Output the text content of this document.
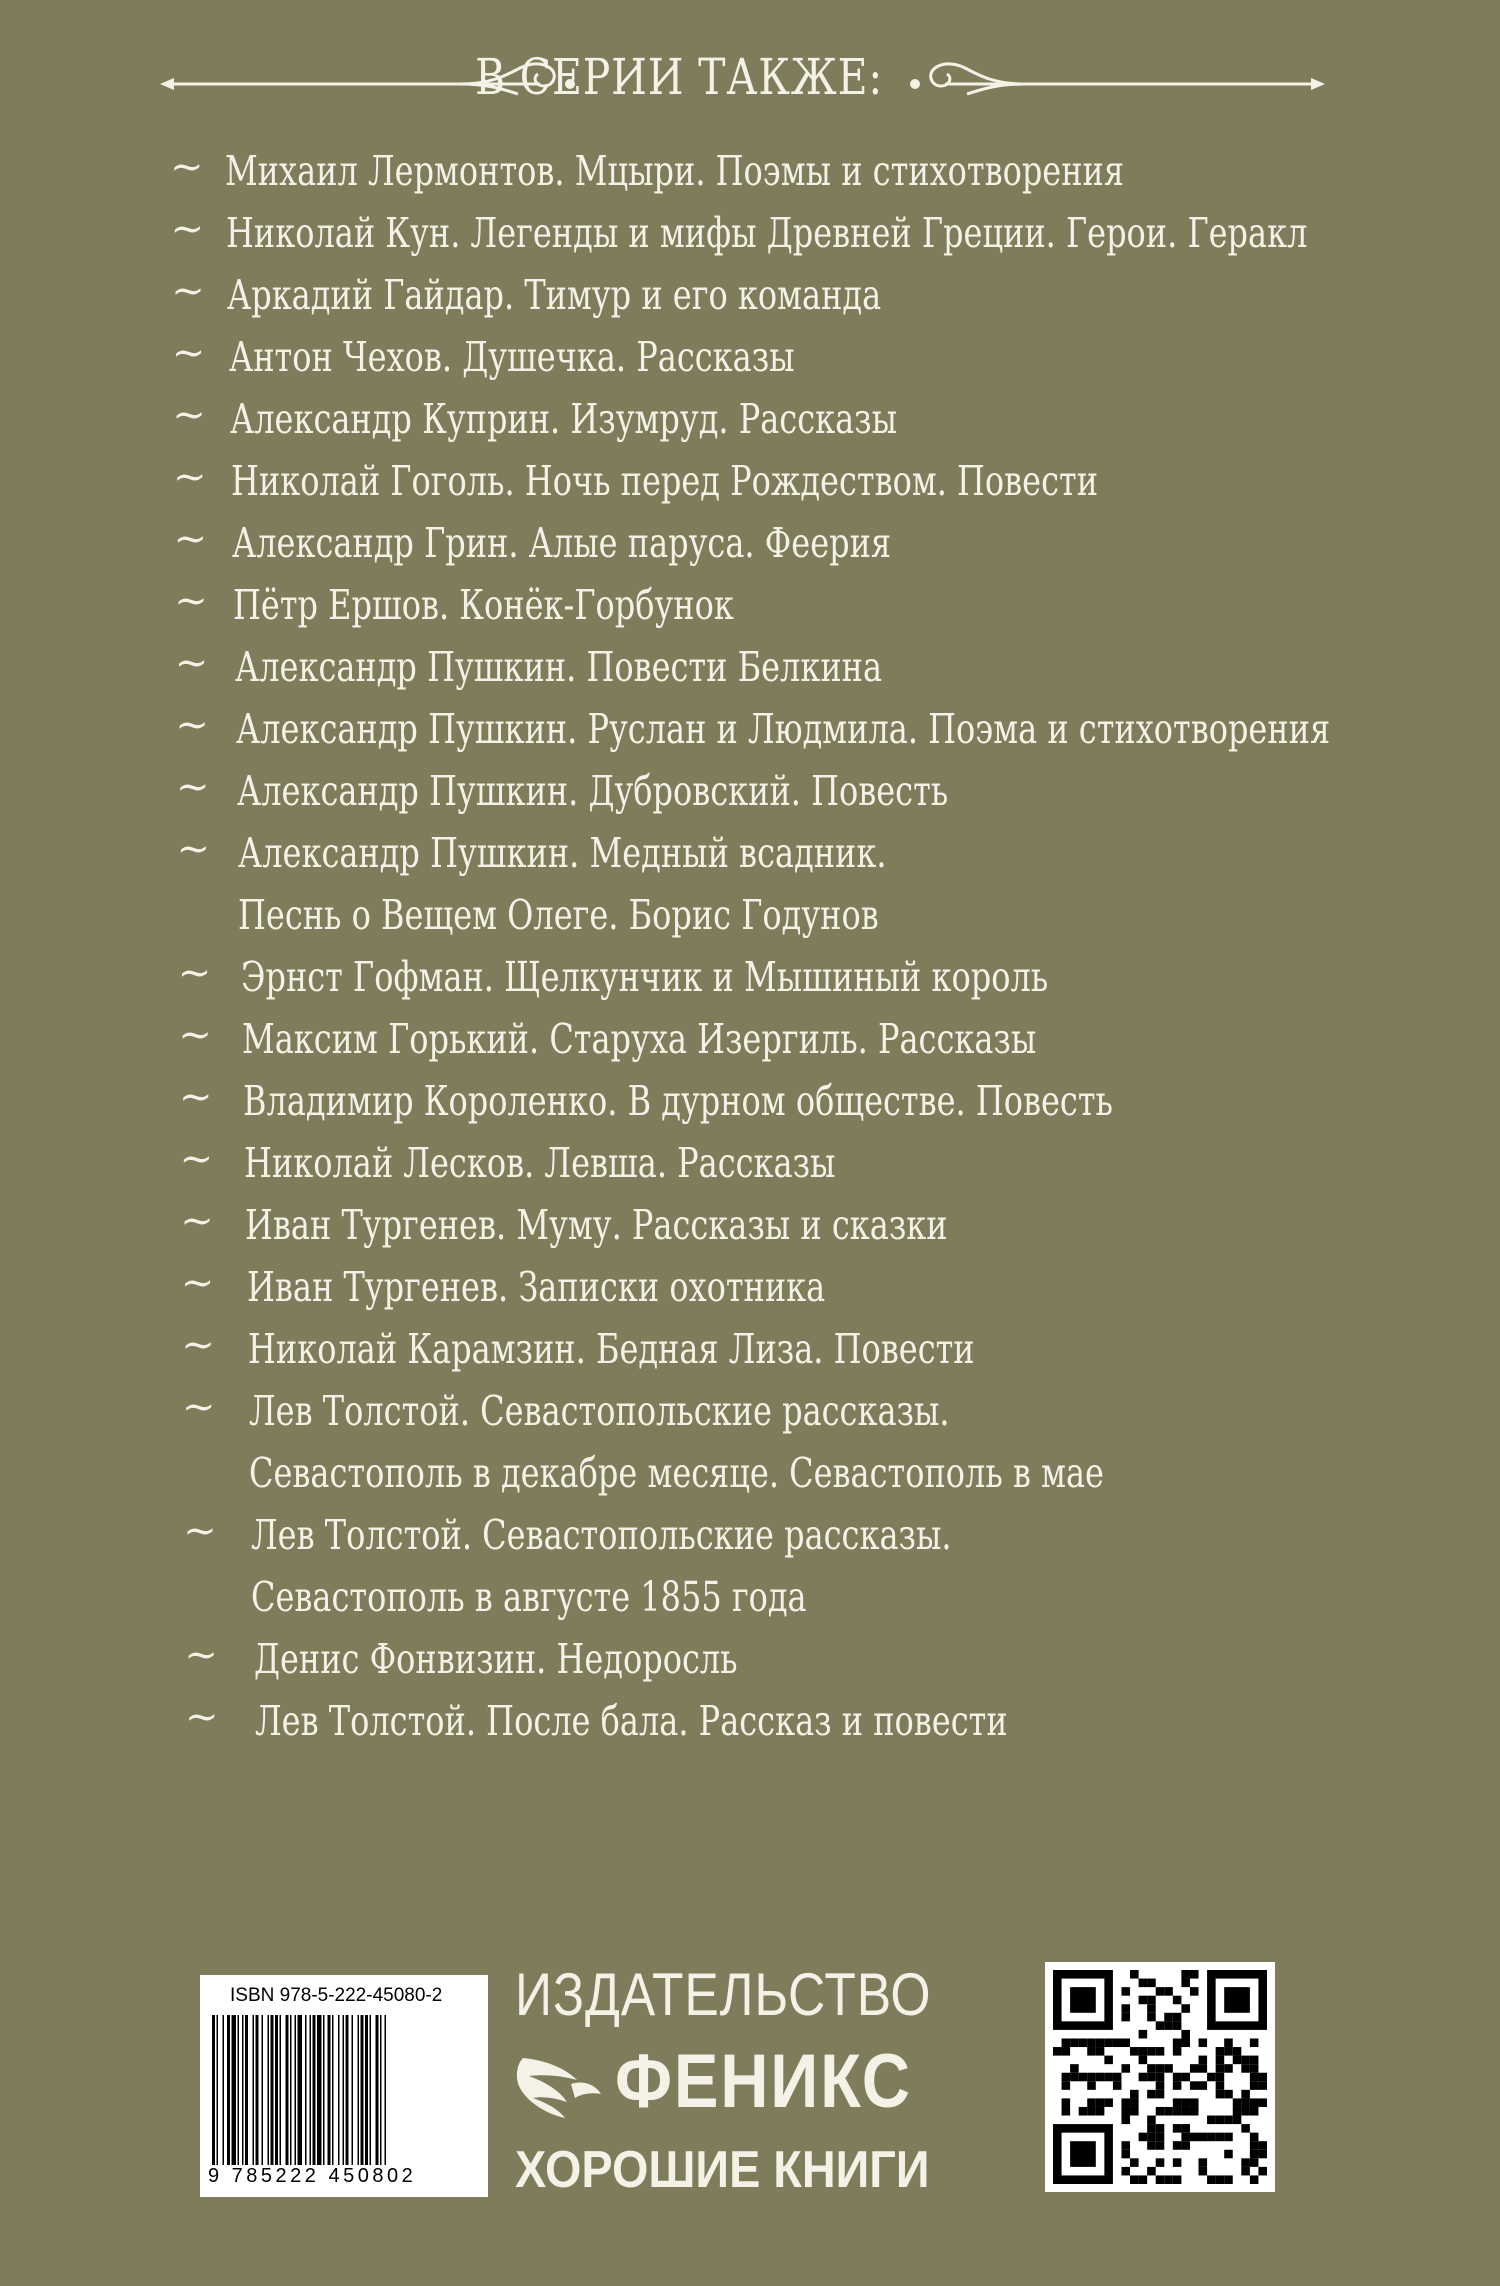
В СЕРИИ ТАКЖЕ:
~ Михаил Лермонтов. Мцыри. Поэмы и стихотворения
~ Николай Кун. Легенды и мифы Древней Греции. Герои. Геракл
~ Аркадий Гайдар. Тимур и его команда
~ Антон Чехов. Душечка. Рассказы
~ Александр Куприн. Изумруд. Рассказы
~ Николай Гоголь. Ночь перед Рождеством. Повести
~ Александр Грин. Алые паруса. Феерия
~ Пётр Ершов. Конёк-Горбунок
~ Александр Пушкин. Повести Белкина
~ Александр Пушкин. Руслан и Людмила. Поэма и стихотворения
~ Александр Пушкин. Дубровский. Повесть
~ Александр Пушкин. Медный всадник.
Песнь о Вещем Олеге. Борис Годунов
~ Эрнст Гофман. Щелкунчик и Мышиный король
~ Максим Горький. Старуха Изергиль. Рассказы
~ Владимир Короленко. В дурном обществе. Повесть
~ Николай Лесков. Левша. Рассказы
~ Иван Тургенев. Муму. Рассказы и сказки
~ Иван Тургенев. Записки охотника
~ Николай Карамзин. Бедная Лиза. Повести
~ Лев Толстой. Севастопольские рассказы.
Севастополь в декабре месяце. Севастополь в мае
~ Лев Толстой. Севастопольские рассказы.
Севастополь в августе 1855 года
~ Денис Фонвизин. Недоросль
~ Лев Толстой. После бала. Рассказ и повести
ISBN 978-5-222-45080-2
9 785222 450802
ИЗДАТЕЛЬСТВО
ФЕНИКС
ХОРОШИЕ КНИГИ
